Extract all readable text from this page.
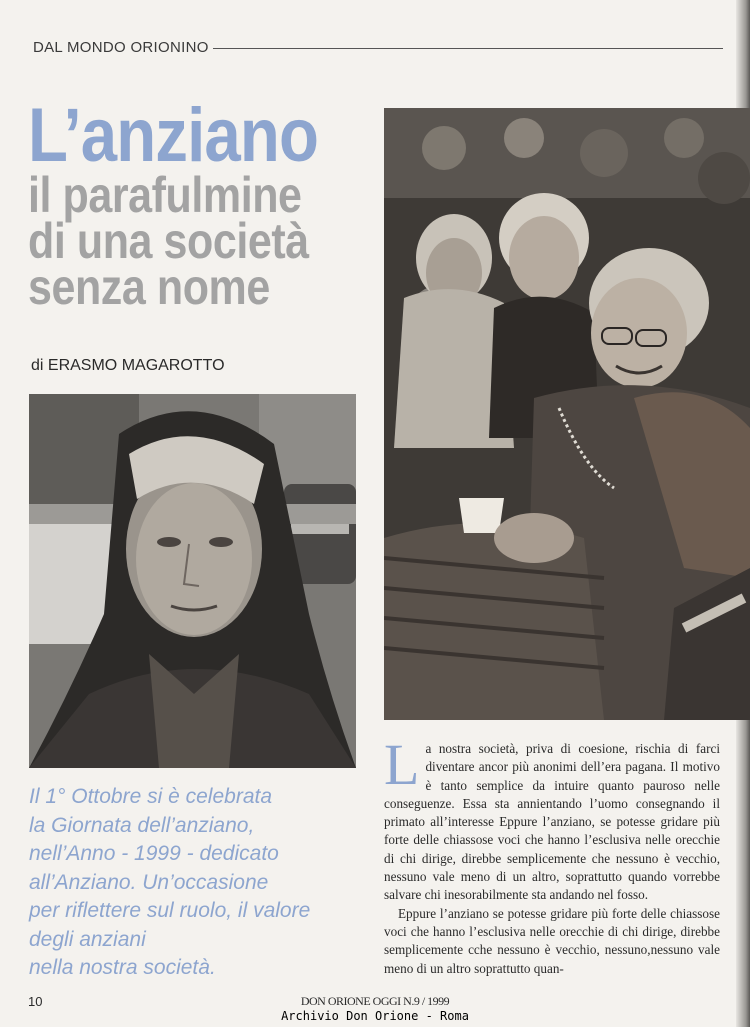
DAL MONDO ORIONINO
L’anziano
il parafulmine
di una società
senza nome
di ERASMO MAGAROTTO
Il 1° Ottobre si è celebrata
la Giornata dell’anziano,
nell’Anno - 1999 - dedicato
all’Anziano. Un’occasione
per riflettere sul ruolo, il valore
degli anziani
nella nostra società.

La nostra società, priva di coesione, rischia di farci diventare ancor più anonimi dell’era pagana. Il motivo è tanto semplice da intuire quanto pauroso nelle conseguenze. Essa sta annientando l’uomo consegnando il primato all’interesse Eppure l’anziano, se potesse gridare più forte delle chiassose voci che hanno l’esclusiva nelle orecchie di chi dirige, direbbe semplicemente che nessuno è vecchio, nessuno vale meno di un altro, soprattutto quando vorrebbe salvare chi inesorabilmente sta andando nel fosso.

Eppure l’anziano se potesse gridare più forte delle chiassose voci che hanno l’esclusiva nelle orecchie di chi dirige, direbbe semplicemente cche nessuno è vecchio, nessuno,nessuno vale meno di un altro soprattutto quan-

10	DON ORIONE OGGI N.9 / 1999
Archivio Don Orione - Roma
